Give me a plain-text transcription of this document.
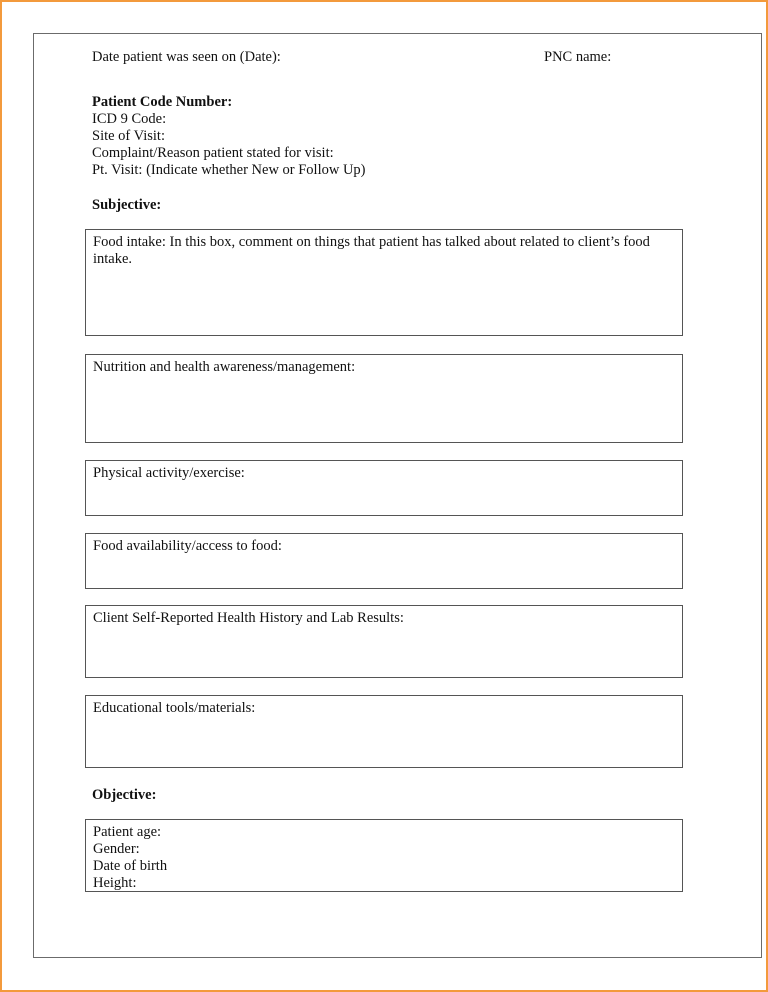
Date patient was seen on (Date):	PNC name:
Patient Code Number:
ICD 9 Code:
Site of Visit:
Complaint/Reason patient stated for visit:
Pt. Visit: (Indicate whether New or Follow Up)
Subjective:
Food intake: In this box, comment on things that patient has talked about related to client’s food intake.
Nutrition and health awareness/management:
Physical activity/exercise:
Food availability/access to food:
Client Self-Reported Health History and Lab Results:
Educational tools/materials:
Objective:
Patient age:
Gender:
Date of birth
Height:
